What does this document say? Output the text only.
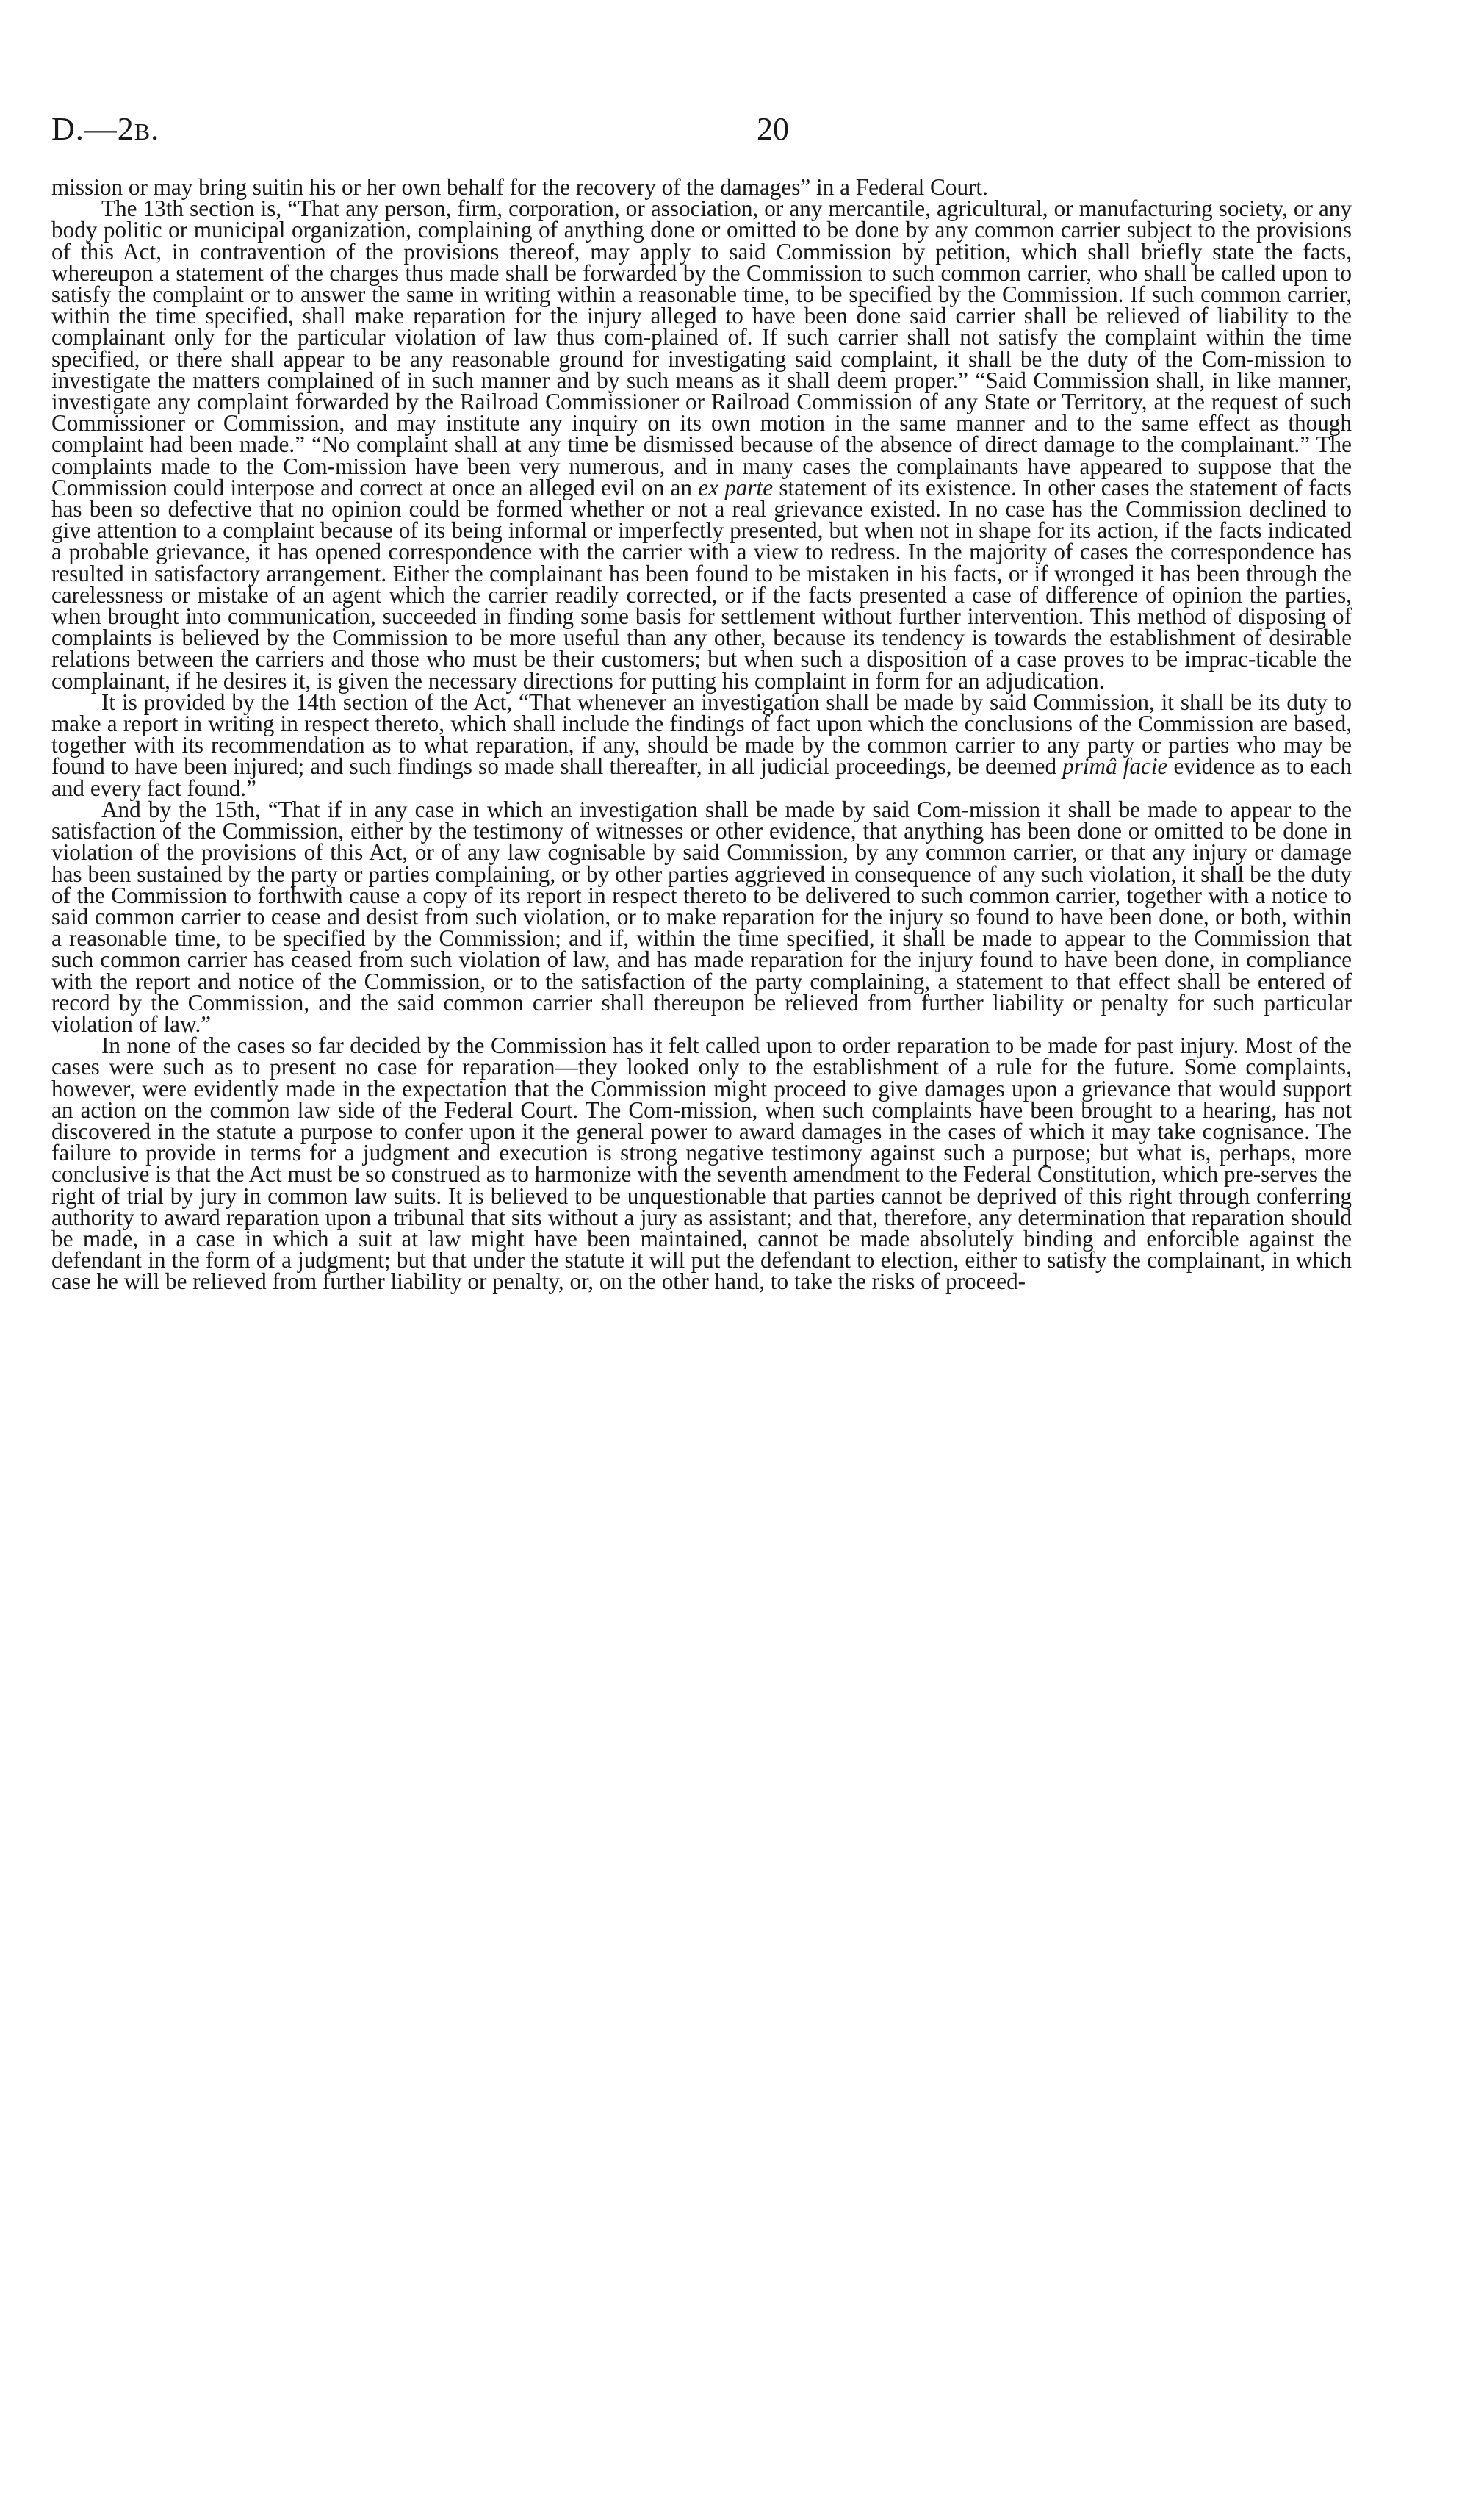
D.—2B.	20

mission or may bring suitin his or her own behalf for the recovery of the damages” in a Federal Court.

The 13th section is, “That any person, firm, corporation, or association, or any mercantile, agricultural, or manufacturing society, or any body politic or municipal organization, complaining of anything done or omitted to be done by any common carrier subject to the provisions of this Act, in contravention of the provisions thereof, may apply to said Commission by petition, which shall briefly state the facts, whereupon a statement of the charges thus made shall be forwarded by the Commission to such common carrier, who shall be called upon to satisfy the complaint or to answer the same in writing within a reasonable time, to be specified by the Commission. If such common carrier, within the time specified, shall make reparation for the injury alleged to have been done said carrier shall be relieved of liability to the complainant only for the particular violation of law thus com-plained of. If such carrier shall not satisfy the complaint within the time specified, or there shall appear to be any reasonable ground for investigating said complaint, it shall be the duty of the Com-mission to investigate the matters complained of in such manner and by such means as it shall deem proper.” “Said Commission shall, in like manner, investigate any complaint forwarded by the Railroad Commissioner or Railroad Commission of any State or Territory, at the request of such Commissioner or Commission, and may institute any inquiry on its own motion in the same manner and to the same effect as though complaint had been made.” “No complaint shall at any time be dismissed because of the absence of direct damage to the complainant.” The complaints made to the Com-mission have been very numerous, and in many cases the complainants have appeared to suppose that the Commission could interpose and correct at once an alleged evil on an ex parte statement of its existence. In other cases the statement of facts has been so defective that no opinion could be formed whether or not a real grievance existed. In no case has the Commission declined to give attention to a complaint because of its being informal or imperfectly presented, but when not in shape for its action, if the facts indicated a probable grievance, it has opened correspondence with the carrier with a view to redress. In the majority of cases the correspondence has resulted in satisfactory arrangement. Either the complainant has been found to be mistaken in his facts, or if wronged it has been through the carelessness or mistake of an agent which the carrier readily corrected, or if the facts presented a case of difference of opinion the parties, when brought into communication, succeeded in finding some basis for settlement without further intervention. This method of disposing of complaints is believed by the Commission to be more useful than any other, because its tendency is towards the establishment of desirable relations between the carriers and those who must be their customers; but when such a disposition of a case proves to be imprac-ticable the complainant, if he desires it, is given the necessary directions for putting his complaint in form for an adjudication.

It is provided by the 14th section of the Act, “That whenever an investigation shall be made by said Commission, it shall be its duty to make a report in writing in respect thereto, which shall include the findings of fact upon which the conclusions of the Commission are based, together with its recommendation as to what reparation, if any, should be made by the common carrier to any party or parties who may be found to have been injured; and such findings so made shall thereafter, in all judicial proceedings, be deemed primâ facie evidence as to each and every fact found.”

And by the 15th, “That if in any case in which an investigation shall be made by said Com-mission it shall be made to appear to the satisfaction of the Commission, either by the testimony of witnesses or other evidence, that anything has been done or omitted to be done in violation of the provisions of this Act, or of any law cognisable by said Commission, by any common carrier, or that any injury or damage has been sustained by the party or parties complaining, or by other parties aggrieved in consequence of any such violation, it shall be the duty of the Commission to forthwith cause a copy of its report in respect thereto to be delivered to such common carrier, together with a notice to said common carrier to cease and desist from such violation, or to make reparation for the injury so found to have been done, or both, within a reasonable time, to be specified by the Commission; and if, within the time specified, it shall be made to appear to the Commission that such common carrier has ceased from such violation of law, and has made reparation for the injury found to have been done, in compliance with the report and notice of the Commission, or to the satisfaction of the party complaining, a statement to that effect shall be entered of record by the Commission, and the said common carrier shall thereupon be relieved from further liability or penalty for such particular violation of law.”

In none of the cases so far decided by the Commission has it felt called upon to order reparation to be made for past injury. Most of the cases were such as to present no case for reparation—they looked only to the establishment of a rule for the future. Some complaints, however, were evidently made in the expectation that the Commission might proceed to give damages upon a grievance that would support an action on the common law side of the Federal Court. The Com-mission, when such complaints have been brought to a hearing, has not discovered in the statute a purpose to confer upon it the general power to award damages in the cases of which it may take cognisance. The failure to provide in terms for a judgment and execution is strong negative testimony against such a purpose; but what is, perhaps, more conclusive is that the Act must be so construed as to harmonize with the seventh amendment to the Federal Constitution, which pre-serves the right of trial by jury in common law suits. It is believed to be unquestionable that parties cannot be deprived of this right through conferring authority to award reparation upon a tribunal that sits without a jury as assistant; and that, therefore, any determination that reparation should be made, in a case in which a suit at law might have been maintained, cannot be made absolutely binding and enforcible against the defendant in the form of a judgment; but that under the statute it will put the defendant to election, either to satisfy the complainant, in which case he will be relieved from further liability or penalty, or, on the other hand, to take the risks of proceed-
